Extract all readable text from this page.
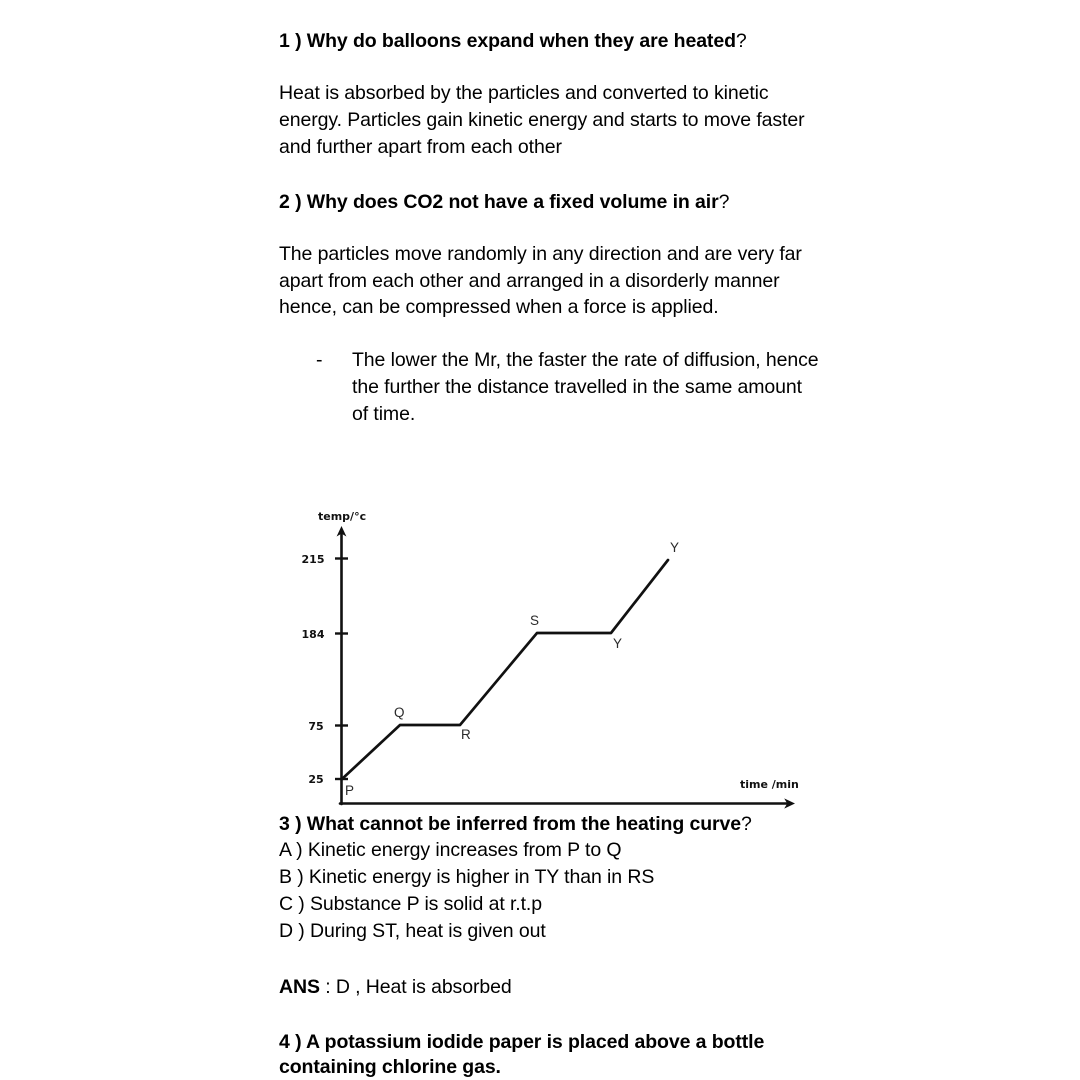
1 ) Why do balloons expand when they are heated?

Heat is absorbed by the particles and converted to kinetic energy. Particles gain kinetic energy and starts to move faster and further apart from each other

2 ) Why does CO2 not have a fixed volume in air?

The particles move randomly in any direction and are very far apart from each other and arranged in a disorderly manner hence, can be compressed when a force is applied.

-	The lower the Mr, the faster the rate of diffusion, hence the further the distance travelled in the same amount of time.
temp/°c
time /min
215
184
75
25
P
Q
R
S
Y
Y

3 ) What cannot be inferred from the heating curve?

A ) Kinetic energy increases from P to Q

B ) Kinetic energy is higher in TY than in RS

C ) Substance P is solid at r.t.p

D ) During ST, heat is given out

ANS : D , Heat is absorbed

4 ) A potassium iodide paper is placed above a bottle containing chlorine gas.
